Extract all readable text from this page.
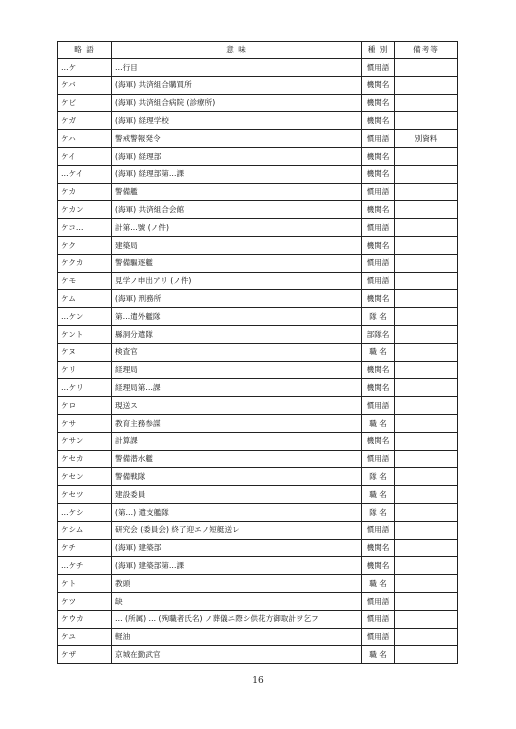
略 語	意 味	種 別	備考等
…ケ	…行目	慣用語	
ケバ	(海軍) 共済組合購買所	機関名	
ケビ	(海軍) 共済組合病院 (診療所)	機関名	
ケガ	(海軍) 経理学校	機関名	
ケハ	警戒警報発令	慣用語	別資料
ケイ	(海軍) 経理部	機関名	
…ケイ	(海軍) 経理部第…課	機関名	
ケカ	警備艦	慣用語	
ケカン	(海軍) 共済組合会館	機関名	
ケコ…	計第…號 (ノ件)	慣用語	
ケク	建築局	機関名	
ケクカ	警備驅逐艦	慣用語	
ケモ	見学ノ申出アリ (ノ件)	慣用語	
ケム	(海軍) 刑務所	機関名	
…ケン	第…遣外艦隊	隊 名	
ケント	縣洞分遣隊	部隊名	
ケヌ	検査官	職 名	
ケリ	経理局	機関名	
…ケリ	経理局第…課	機関名	
ケロ	現送ス	慣用語	
ケサ	教育主務参謀	職 名	
ケサン	計算課	機関名	
ケセカ	警備潜水艦	慣用語	
ケセン	警備戦隊	隊 名	
ケセツ	建設委員	職 名	
…ケシ	(第…) 遣支艦隊	隊 名	
ケシム	研究会 (委員会) 終了迎エノ短艇送レ	慣用語	
ケチ	(海軍) 建築部	機関名	
…ケチ	(海軍) 建築部第…課	機関名	
ケト	教頭	職 名	
ケツ	缺	慣用語	
ケウカ	… (所属) … (殉職者氏名) ノ葬儀ニ際シ供花方御取計ヲ乞フ	慣用語	
ケユ	軽油	慣用語	
ケザ	京城在勤武官	職 名	
16
